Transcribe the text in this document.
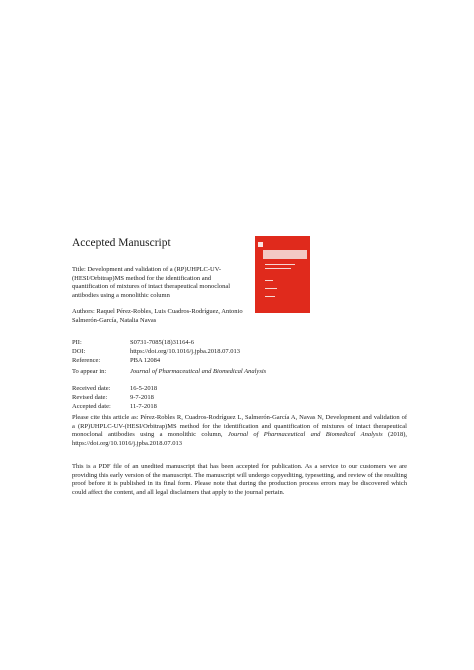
Accepted Manuscript

Title: Development and validation of a (RP)UHPLC-UV-(HESI/Orbitrap)MS method for the identification and quantification of mixtures of intact therapeutical monoclonal antibodies using a monolithic column

Authors: Raquel Pérez-Robles, Luis Cuadros-Rodríguez, Antonio Salmerón-García, Natalia Navas

PII:	S0731-7085(18)31164-6
DOI:	https://doi.org/10.1016/j.jpba.2018.07.013
Reference:	PBA 12084
To appear in:	Journal of Pharmaceutical and Biomedical Analysis
Received date:	16-5-2018
Revised date:	9-7-2018
Accepted date:	11-7-2018

Please cite this article as: Pérez-Robles R, Cuadros-Rodríguez L, Salmerón-García A, Navas N, Development and validation of a (RP)UHPLC-UV-(HESI/Orbitrap)MS method for the identification and quantification of mixtures of intact therapeutical monoclonal antibodies using a monolithic column, Journal of Pharmaceutical and Biomedical Analysis (2018), https://doi.org/10.1016/j.jpba.2018.07.013

This is a PDF file of an unedited manuscript that has been accepted for publication. As a service to our customers we are providing this early version of the manuscript. The manuscript will undergo copyediting, typesetting, and review of the resulting proof before it is published in its final form. Please note that during the production process errors may be discovered which could affect the content, and all legal disclaimers that apply to the journal pertain.
